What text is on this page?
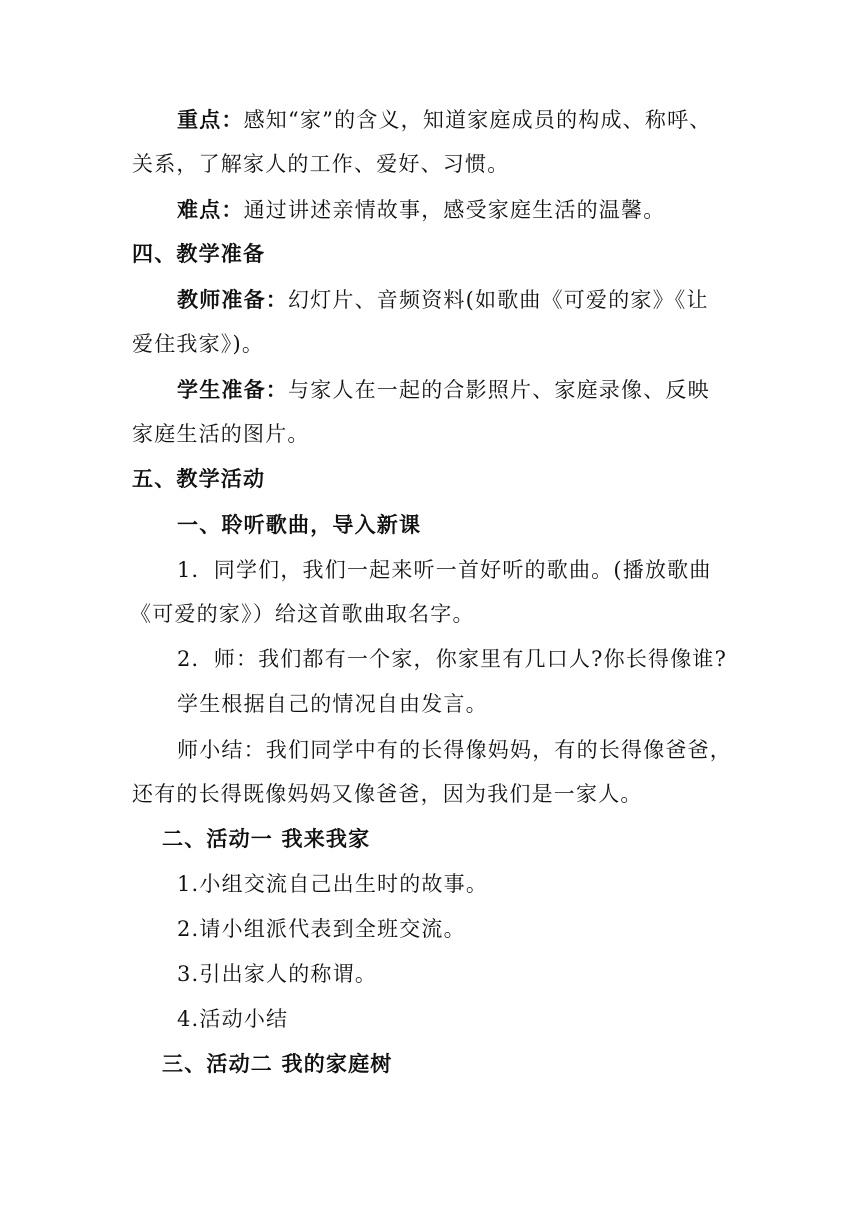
重点：感知“家”的含义，知道家庭成员的构成、称呼、
关系，了解家人的工作、爱好、习惯。
难点：通过讲述亲情故事，感受家庭生活的温馨。
四、教学准备
教师准备：幻灯片、音频资料(如歌曲《可爱的家》《让
爱住我家》)。
学生准备：与家人在一起的合影照片、家庭录像、反映
家庭生活的图片。
五、教学活动
一、聆听歌曲，导入新课
1．同学们，我们一起来听一首好听的歌曲。(播放歌曲
《可爱的家》）给这首歌曲取名字。
2．师：我们都有一个家，你家里有几口人?你长得像谁?
学生根据自己的情况自由发言。
师小结：我们同学中有的长得像妈妈，有的长得像爸爸，
还有的长得既像妈妈又像爸爸，因为我们是一家人。
二、活动一 我来我家
1.小组交流自己出生时的故事。
2.请小组派代表到全班交流。
3.引出家人的称谓。
4.活动小结
三、活动二 我的家庭树
